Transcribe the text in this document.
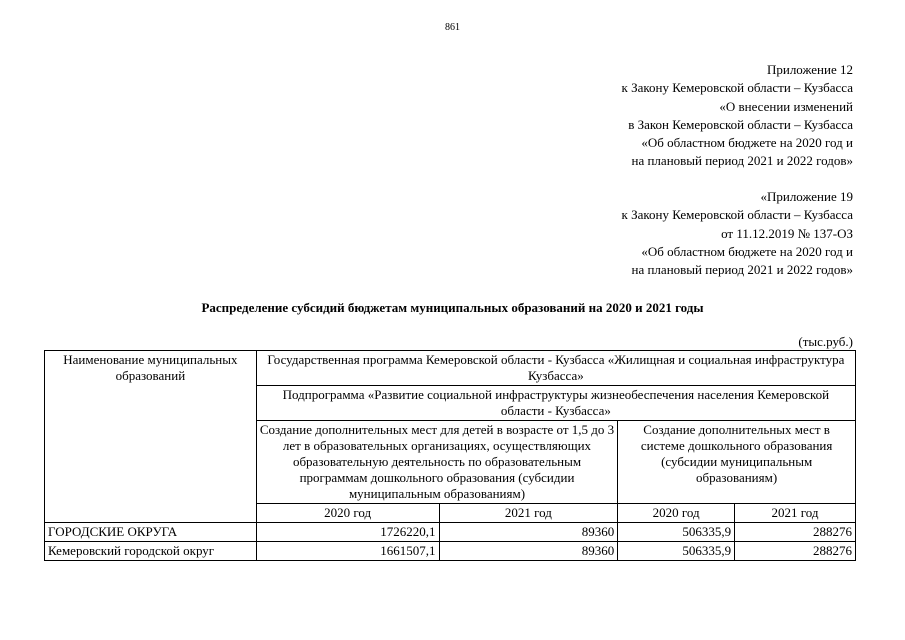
861
Приложение 12
к Закону Кемеровской области – Кузбасса
«О внесении изменений
в Закон Кемеровской области – Кузбасса
«Об областном бюджете на 2020 год и
на плановый период 2021 и 2022 годов»
«Приложение 19
к Закону Кемеровской области – Кузбасса
от 11.12.2019 № 137-ОЗ
«Об областном бюджете на 2020 год и
на плановый период 2021 и 2022 годов»
Распределение субсидий бюджетам муниципальных образований на 2020 и 2021 годы
(тыс.руб.)
Наименование муниципальных образований	Государственная программа Кемеровской области - Кузбасса «Жилищная и социальная инфраструктура Кузбасса»			
	Подпрограмма «Развитие социальной инфраструктуры жизнеобеспечения населения Кемеровской области - Кузбасса»			
	Создание дополнительных мест для детей в возрасте от 1,5 до 3 лет в образовательных организациях, осуществляющих образовательную деятельность по образовательным программам дошкольного образования (субсидии муниципальным образованиям)		Создание дополнительных мест в системе дошкольного образования (субсидии муниципальным образованиям)	
	2020 год	2021 год	2020 год	2021 год
ГОРОДСКИЕ ОКРУГА	1726220,1	89360	506335,9	288276
Кемеровский городской округ	1661507,1	89360	506335,9	288276
